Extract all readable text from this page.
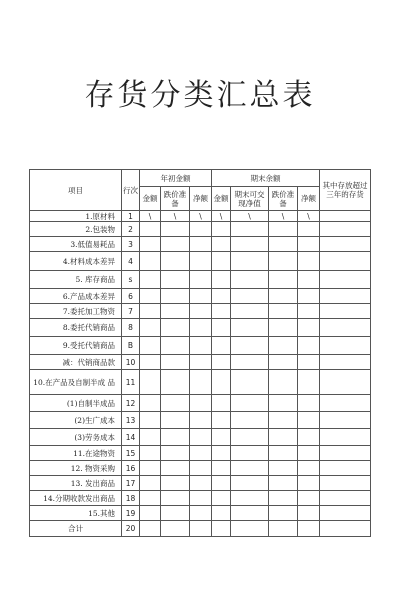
存货分类汇总表
项目	行次	年初金额			期末余额				其中存放超过三年的存货
		金额	跌价准备	净额	金额	期末可交现净值	跌价准备	净额	
1.原材料	1	\	\	\	\	\	\	\	
2.包装物	2								
3.低值易耗品	3								
4.材料成本差异	4								
5. 库存商品	s								
6.产品成本差异	6								
7.委托加工物资	7								
8.委托代销商品	8								
9.受托代销商品	B								
减：代销商品款	10								
10.在产品及自制半成 品	11								
(1)自制半成品	12								
(2)生广成本	13								
(3)劳务成本	14								
11.在途物资	15								
12. 物资采购	16								
13. 发出商品	17								
14.分期收款发出商品	18								
15.其他	19								
合计	20								
